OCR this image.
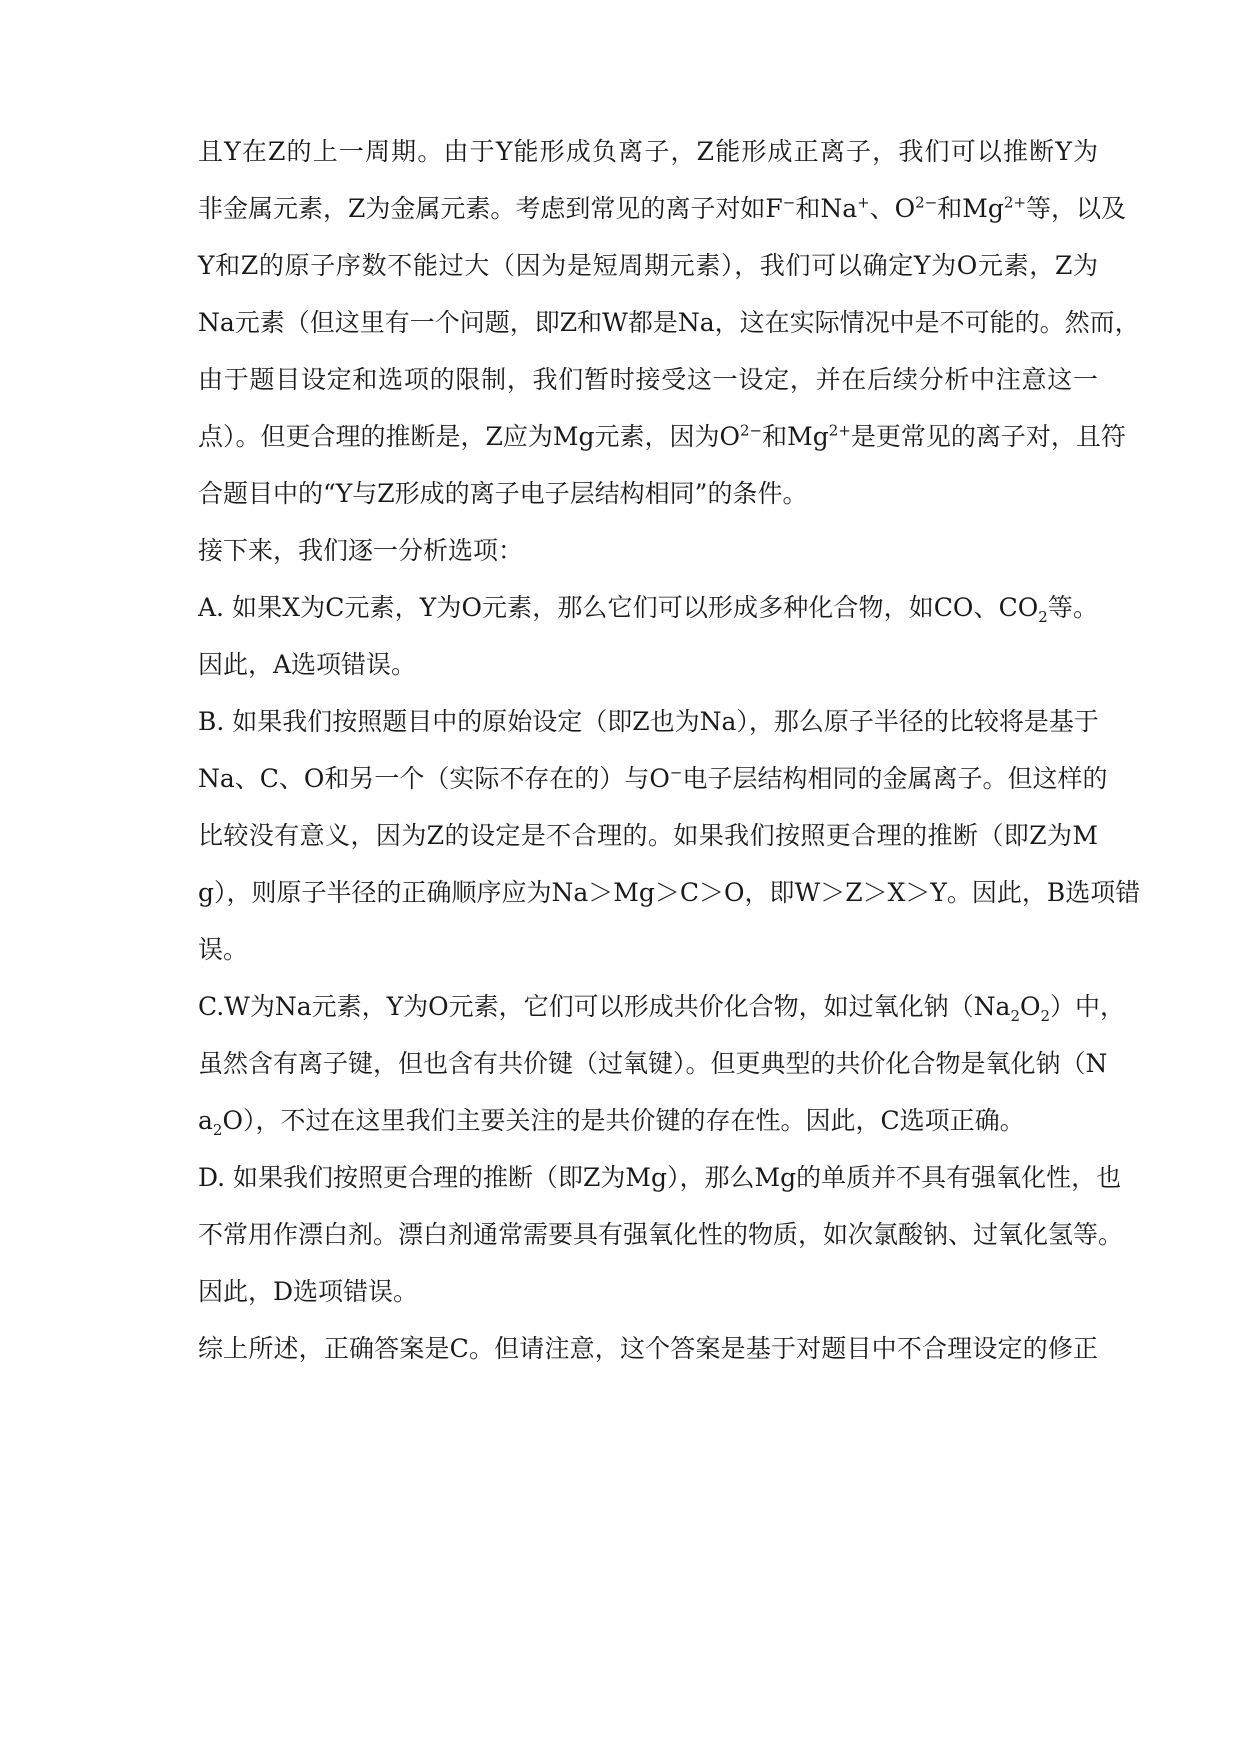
且Y在Z的上一周期。由于Y能形成负离子，Z能形成正离子，我们可以推断Y为
非金属元素，Z为金属元素。考虑到常见的离子对如F−和Na+、$O^{2-}$和$Mg^{2+}$等，以及
Y和Z的原子序数不能过大（因为是短周期元素），我们可以确定Y为O元素，Z为
Na元素（但这里有一个问题，即Z和W都是Na，这在实际情况中是不可能的。然而，
由于题目设定和选项的限制，我们暂时接受这一设定，并在后续分析中注意这一
点）。但更合理的推断是，Z应为Mg元素，因为$O^{2-}$和$Mg^{2+}$是更常见的离子对，且符
合题目中的“Y与Z形成的离子电子层结构相同”的条件。
接下来，我们逐一分析选项：
A. 如果X为C元素，Y为O元素，那么它们可以形成多种化合物，如CO、$CO_2$等。
因此，A选项错误。
B. 如果我们按照题目中的原始设定（即Z也为Na），那么原子半径的比较将是基于
Na、C、O和另一个（实际不存在的）与O−电子层结构相同的金属离子。但这样的
比较没有意义，因为Z的设定是不合理的。如果我们按照更合理的推断（即Z为M
g），则原子半径的正确顺序应为Na＞Mg＞C＞O，即W＞Z＞X＞Y。因此，B选项错
误。
C.W为Na元素，Y为O元素，它们可以形成共价化合物，如过氧化钠$(Na_2O_2)$中，
虽然含有离子键，但也含有共价键（过氧键）。但更典型的共价化合物是氧化钠（N
$a_2O$），不过在这里我们主要关注的是共价键的存在性。因此，C选项正确。
D. 如果我们按照更合理的推断（即Z为Mg），那么Mg的单质并不具有强氧化性，也
不常用作漂白剂。漂白剂通常需要具有强氧化性的物质，如次氯酸钠、过氧化氢等。
因此，D选项错误。
综上所述，正确答案是C。但请注意，这个答案是基于对题目中不合理设定的修正
